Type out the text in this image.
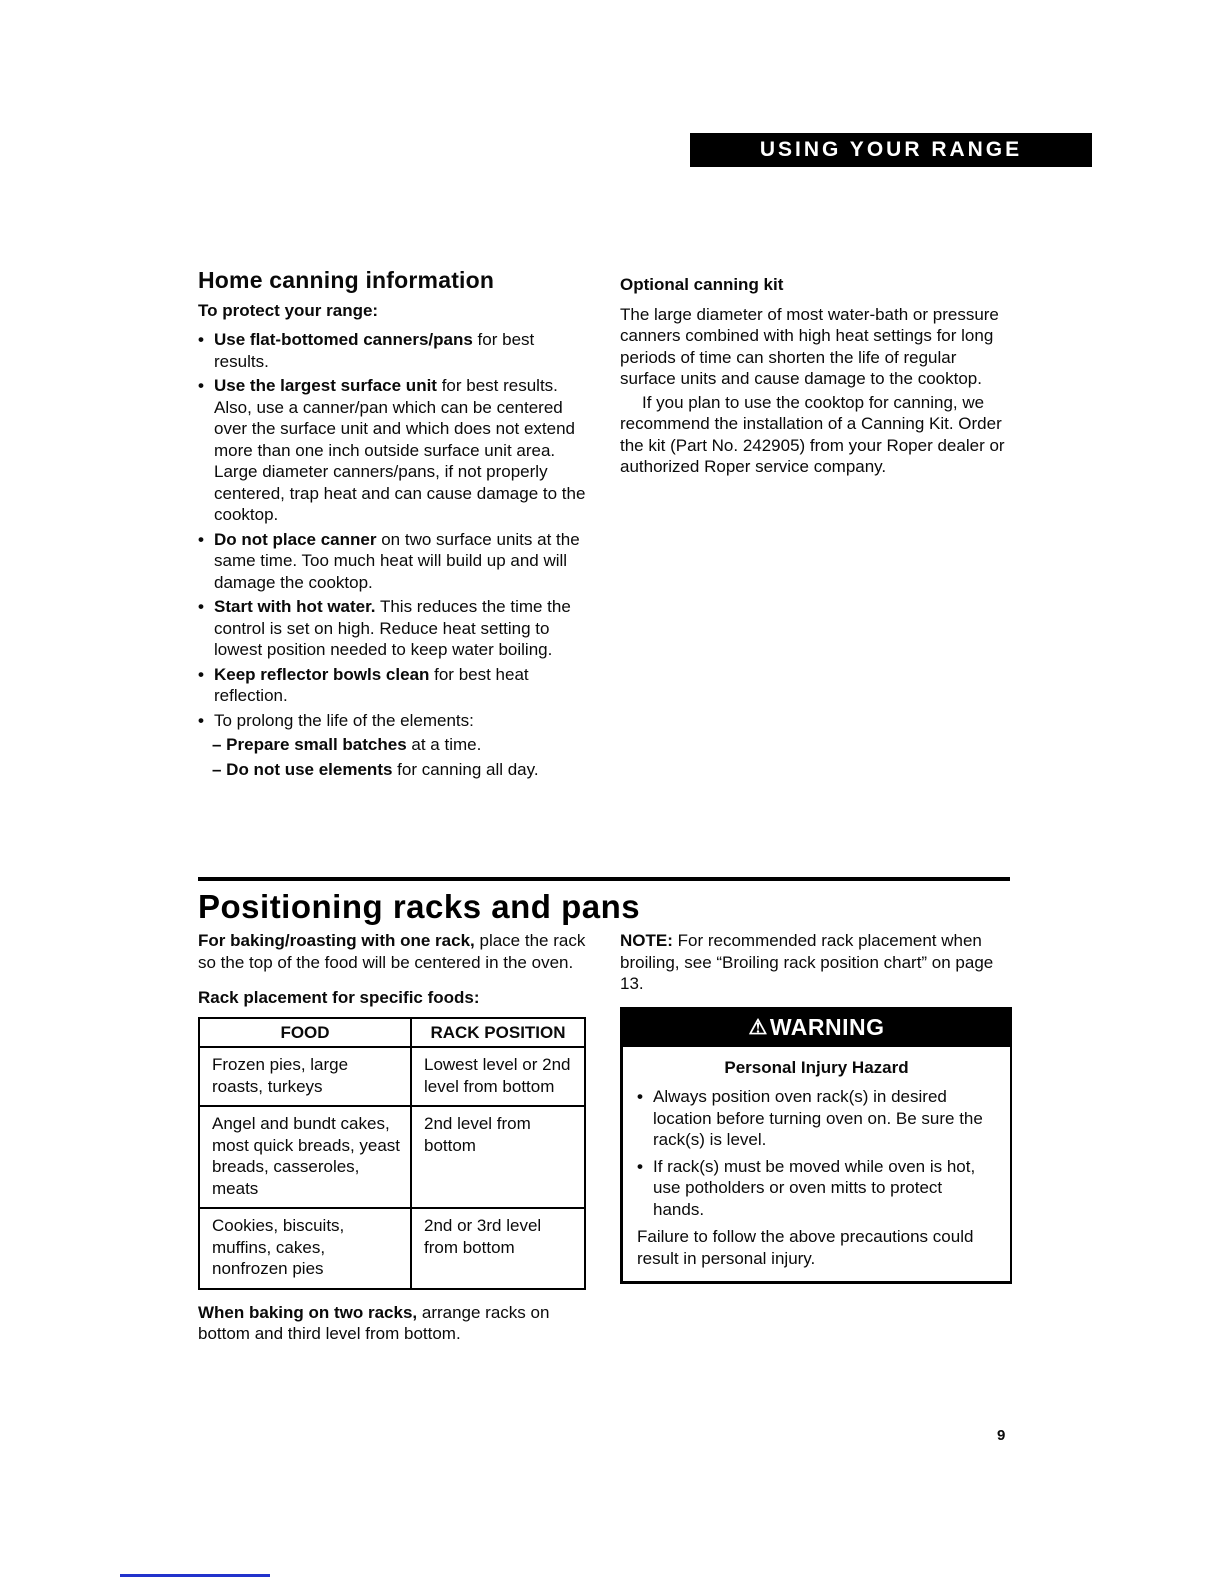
USING YOUR RANGE
Home canning information
To protect your range:
• Use flat-bottomed canners/pans for best results.
• Use the largest surface unit for best results. Also, use a canner/pan which can be centered over the surface unit and which does not extend more than one inch outside surface unit area. Large diameter canners/pans, if not properly centered, trap heat and can cause damage to the cooktop.
• Do not place canner on two surface units at the same time. Too much heat will build up and will damage the cooktop.
• Start with hot water. This reduces the time the control is set on high. Reduce heat setting to lowest position needed to keep water boiling.
• Keep reflector bowls clean for best heat reflection.
• To prolong the life of the elements:
– Prepare small batches at a time.
– Do not use elements for canning all day.
Optional canning kit

The large diameter of most water-bath or pressure canners combined with high heat settings for long periods of time can shorten the life of regular surface units and cause damage to the cooktop.

If you plan to use the cooktop for canning, we recommend the installation of a Canning Kit. Order the kit (Part No. 242905) from your Roper dealer or authorized Roper service company.

Positioning racks and pans

For baking/roasting with one rack, place the rack so the top of the food will be centered in the oven.

Rack placement for specific foods:
FOOD	RACK POSITION
Frozen pies, large roasts, turkeys	Lowest level or 2nd level from bottom
Angel and bundt cakes, most quick breads, yeast breads, casseroles, meats	2nd level from bottom
Cookies, biscuits, muffins, cakes, nonfrozen pies	2nd or 3rd level from bottom

When baking on two racks, arrange racks on bottom and third level from bottom.

NOTE: For recommended rack placement when broiling, see “Broiling rack position chart” on page 13.

⚠ WARNING
Personal Injury Hazard
• Always position oven rack(s) in desired location before turning oven on. Be sure the rack(s) is level.
• If rack(s) must be moved while oven is hot, use potholders or oven mitts to protect hands.

Failure to follow the above precautions could result in personal injury.

9
